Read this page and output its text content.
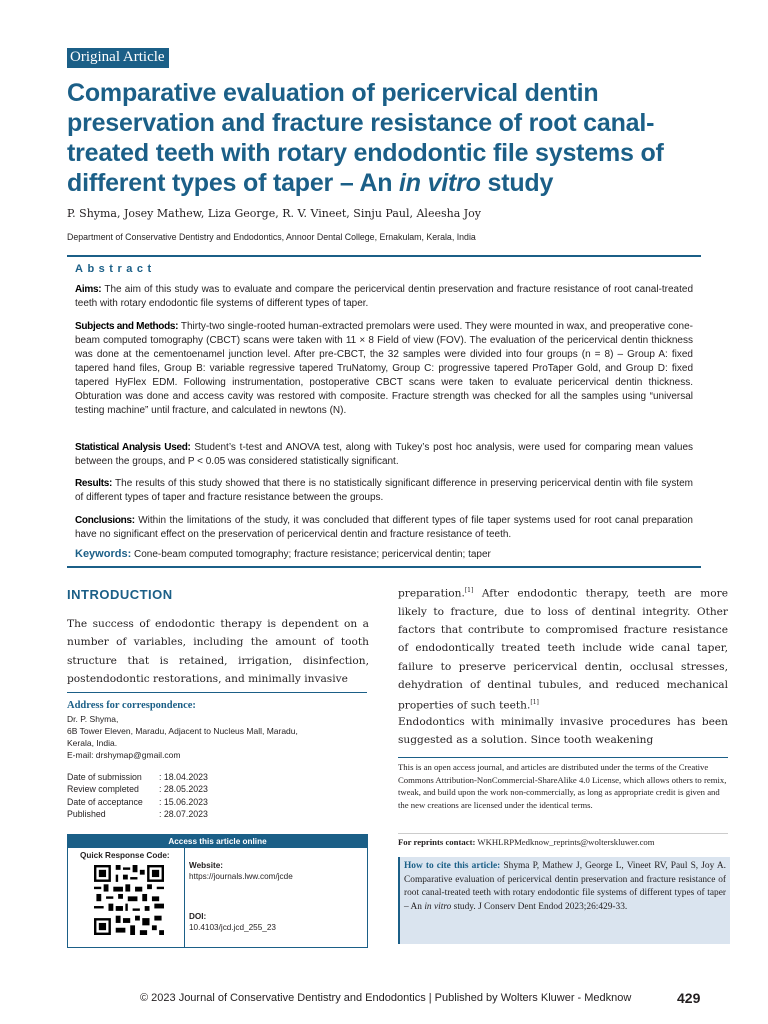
Original Article
Comparative evaluation of pericervical dentin preservation and fracture resistance of root canal-treated teeth with rotary endodontic file systems of different types of taper – An in vitro study
P. Shyma, Josey Mathew, Liza George, R. V. Vineet, Sinju Paul, Aleesha Joy
Department of Conservative Dentistry and Endodontics, Annoor Dental College, Ernakulam, Kerala, India
Abstract
Aims: The aim of this study was to evaluate and compare the pericervical dentin preservation and fracture resistance of root canal-treated teeth with rotary endodontic file systems of different types of taper.
Subjects and Methods: Thirty-two single-rooted human-extracted premolars were used. They were mounted in wax, and preoperative cone-beam computed tomography (CBCT) scans were taken with 11 × 8 Field of view (FOV). The evaluation of the pericervical dentin thickness was done at the cementoenamel junction level. After pre-CBCT, the 32 samples were divided into four groups (n = 8) – Group A: fixed tapered hand files, Group B: variable regressive tapered TruNatomy, Group C: progressive tapered ProTaper Gold, and Group D: fixed tapered HyFlex EDM. Following instrumentation, postoperative CBCT scans were taken to evaluate pericervical dentin thickness. Obturation was done and access cavity was restored with composite. Fracture strength was checked for all the samples using “universal testing machine” until fracture, and calculated in newtons (N).
Statistical Analysis Used: Student’s t-test and ANOVA test, along with Tukey’s post hoc analysis, were used for comparing mean values between the groups, and P < 0.05 was considered statistically significant.
Results: The results of this study showed that there is no statistically significant difference in preserving pericervical dentin with file system of different types of taper and fracture resistance between the groups.
Conclusions: Within the limitations of the study, it was concluded that different types of file taper systems used for root canal preparation have no significant effect on the preservation of pericervical dentin and fracture resistance of teeth.
Keywords: Cone-beam computed tomography; fracture resistance; pericervical dentin; taper
INTRODUCTION
The success of endodontic therapy is dependent on a number of variables, including the amount of tooth structure that is retained, irrigation, disinfection, postendodontic restorations, and minimally invasive
preparation.[1] After endodontic therapy, teeth are more likely to fracture, due to loss of dentinal integrity. Other factors that contribute to compromised fracture resistance of endodontically treated teeth include wide canal taper, failure to preserve pericervical dentin, occlusal stresses, dehydration of dentinal tubules, and reduced mechanical properties of such teeth.[1]
Endodontics with minimally invasive procedures has been suggested as a solution. Since tooth weakening
Address for correspondence:
Dr. P. Shyma,
6B Tower Eleven, Maradu, Adjacent to Nucleus Mall, Maradu,
Kerala, India.
E-mail: drshymap@gmail.com
Date of submission	: 18.04.2023
Review completed	: 28.05.2023
Date of acceptance	: 15.06.2023
Published	: 28.07.2023
Access this article online
Quick Response Code:
Website:
https://journals.lww.com/jcde
DOI:
10.4103/jcd.jcd_255_23
This is an open access journal, and articles are distributed under the terms of the Creative Commons Attribution-NonCommercial-ShareAlike 4.0 License, which allows others to remix, tweak, and build upon the work non-commercially, as long as appropriate credit is given and the new creations are licensed under the identical terms.
For reprints contact: WKHLRPMedknow_reprints@wolterskluwer.com
How to cite this article: Shyma P, Mathew J, George L, Vineet RV, Paul S, Joy A. Comparative evaluation of pericervical dentin preservation and fracture resistance of root canal-treated teeth with rotary endodontic file systems of different types of taper – An in vitro study. J Conserv Dent Endod 2023;26:429-33.
© 2023 Journal of Conservative Dentistry and Endodontics | Published by Wolters Kluwer - Medknow	429
